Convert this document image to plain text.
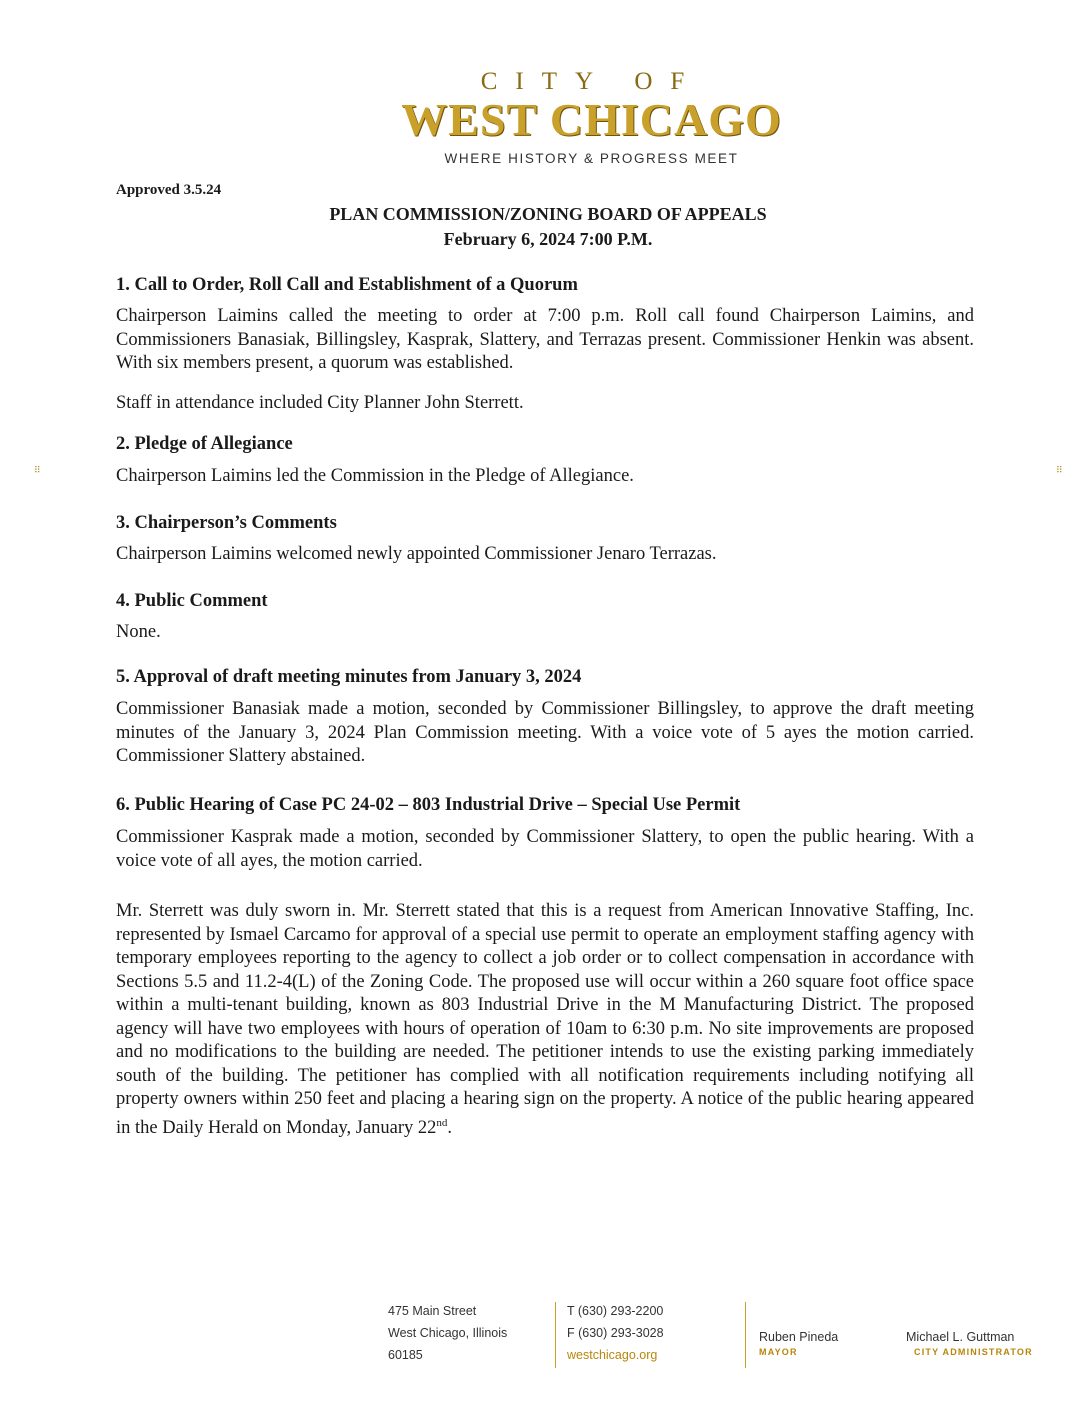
CITY OF
WEST CHICAGO
WHERE HISTORY & PROGRESS MEET
Approved 3.5.24
PLAN COMMISSION/ZONING BOARD OF APPEALS
February 6, 2024 7:00 P.M.
1. Call to Order, Roll Call and Establishment of a Quorum
Chairperson Laimins called the meeting to order at 7:00 p.m. Roll call found Chairperson Laimins, and Commissioners Banasiak, Billingsley, Kasprak, Slattery, and Terrazas present. Commissioner Henkin was absent. With six members present, a quorum was established.
Staff in attendance included City Planner John Sterrett.
2. Pledge of Allegiance
Chairperson Laimins led the Commission in the Pledge of Allegiance.
3. Chairperson’s Comments
Chairperson Laimins welcomed newly appointed Commissioner Jenaro Terrazas.
4. Public Comment
None.
5. Approval of draft meeting minutes from January 3, 2024
Commissioner Banasiak made a motion, seconded by Commissioner Billingsley, to approve the draft meeting minutes of the January 3, 2024 Plan Commission meeting. With a voice vote of 5 ayes the motion carried. Commissioner Slattery abstained.
6. Public Hearing of Case PC 24-02 – 803 Industrial Drive – Special Use Permit
Commissioner Kasprak made a motion, seconded by Commissioner Slattery, to open the public hearing. With a voice vote of all ayes, the motion carried.
Mr. Sterrett was duly sworn in. Mr. Sterrett stated that this is a request from American Innovative Staffing, Inc. represented by Ismael Carcamo for approval of a special use permit to operate an employment staffing agency with temporary employees reporting to the agency to collect a job order or to collect compensation in accordance with Sections 5.5 and 11.2-4(L) of the Zoning Code. The proposed use will occur within a 260 square foot office space within a multi-tenant building, known as 803 Industrial Drive in the M Manufacturing District. The proposed agency will have two employees with hours of operation of 10am to 6:30 p.m. No site improvements are proposed and no modifications to the building are needed. The petitioner intends to use the existing parking immediately south of the building. The petitioner has complied with all notification requirements including notifying all property owners within 250 feet and placing a hearing sign on the property. A notice of the public hearing appeared in the Daily Herald on Monday, January 22nd.
⠿	⠿
475 Main Street
West Chicago, Illinois
60185
T (630) 293-2200
F (630) 293-3028
westchicago.org
Ruben Pineda
MAYOR
Michael L. Guttman
CITY ADMINISTRATOR
